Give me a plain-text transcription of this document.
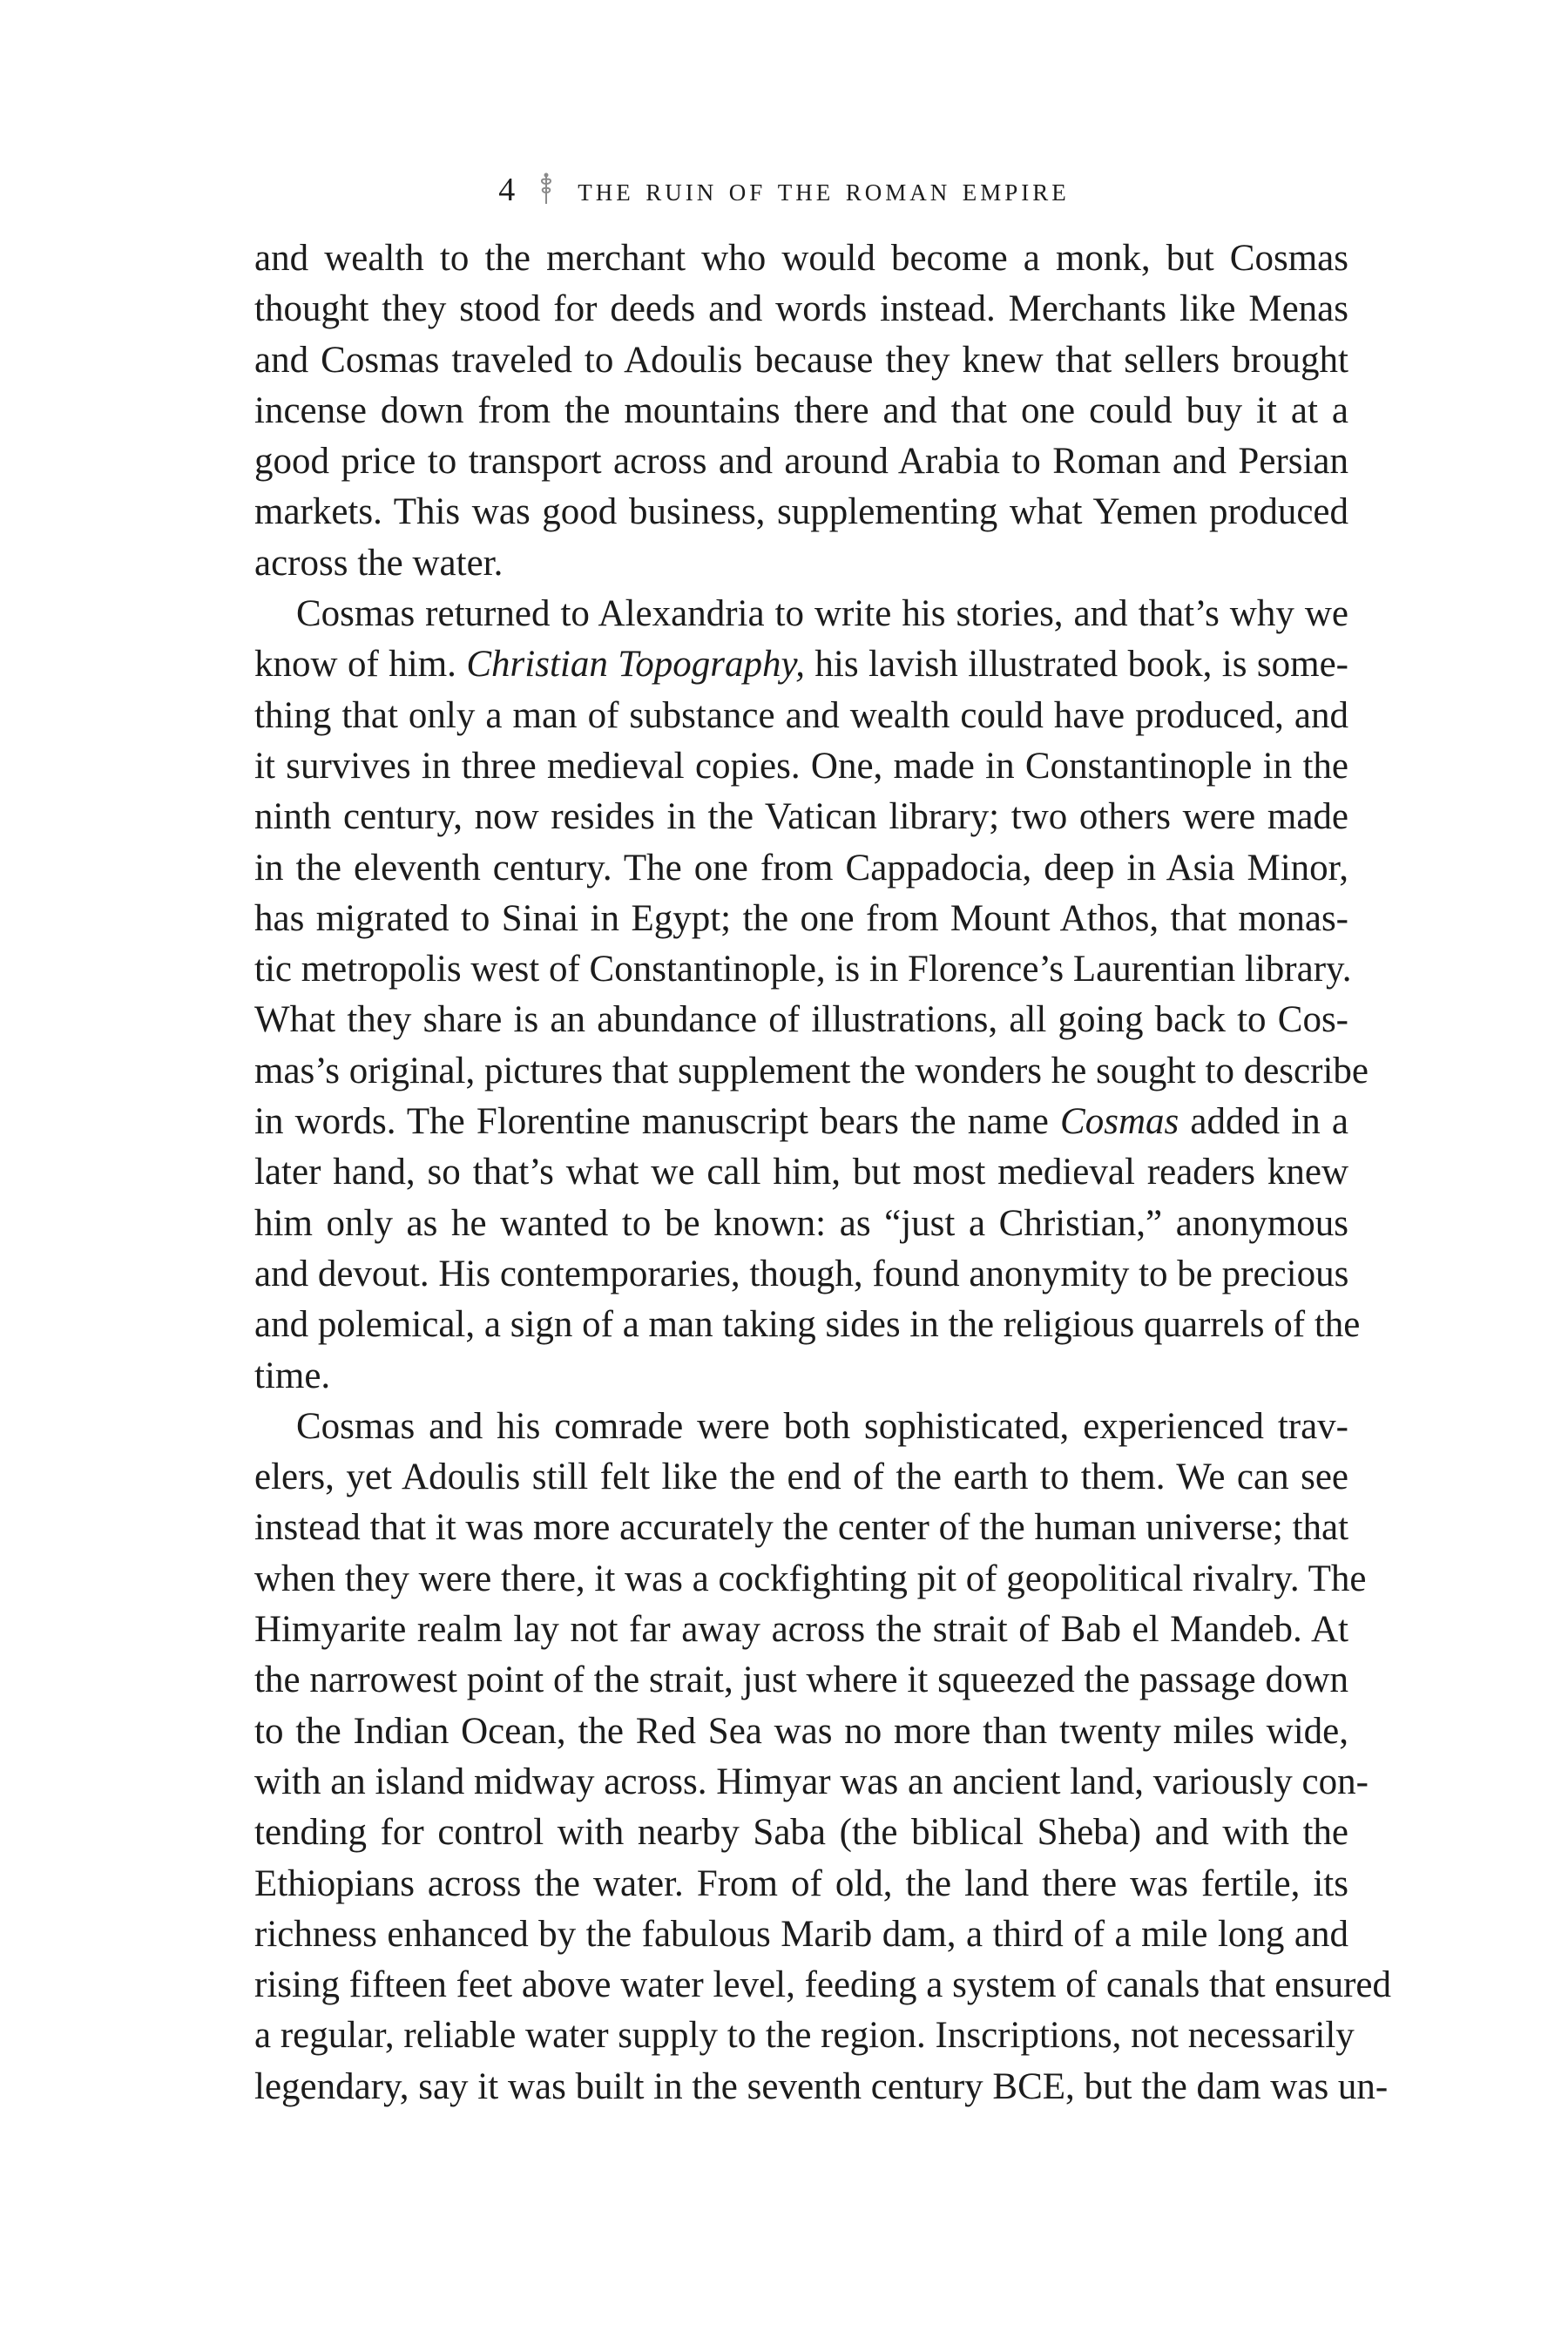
4 the ruin of the roman empire

and wealth to the merchant who would become a monk, but Cosmas
thought they stood for deeds and words instead. Merchants like Menas
and Cosmas traveled to Adoulis because they knew that sellers brought
incense down from the mountains there and that one could buy it at a
good price to transport across and around Arabia to Roman and Persian
markets. This was good business, supplementing what Yemen produced
across the water.

Cosmas returned to Alexandria to write his stories, and that’s why we
know of him. Christian Topography, his lavish illustrated book, is some-
thing that only a man of substance and wealth could have produced, and
it survives in three medieval copies. One, made in Constantinople in the
ninth century, now resides in the Vatican library; two others were made
in the eleventh century. The one from Cappadocia, deep in Asia Minor,
has migrated to Sinai in Egypt; the one from Mount Athos, that monas-
tic metropolis west of Constantinople, is in Florence’s Laurentian library.
What they share is an abundance of illustrations, all going back to Cos-
mas’s original, pictures that supplement the wonders he sought to describe
in words. The Florentine manuscript bears the name Cosmas added in a
later hand, so that’s what we call him, but most medieval readers knew
him only as he wanted to be known: as “just a Christian,” anonymous
and devout. His contemporaries, though, found anonymity to be precious
and polemical, a sign of a man taking sides in the religious quarrels of the
time.

Cosmas and his comrade were both sophisticated, experienced trav-
elers, yet Adoulis still felt like the end of the earth to them. We can see
instead that it was more accurately the center of the human universe; that
when they were there, it was a cockfighting pit of geopolitical rivalry. The
Himyarite realm lay not far away across the strait of Bab el Mandeb. At
the narrowest point of the strait, just where it squeezed the passage down
to the Indian Ocean, the Red Sea was no more than twenty miles wide,
with an island midway across. Himyar was an ancient land, variously con-
tending for control with nearby Saba (the biblical Sheba) and with the
Ethiopians across the water. From of old, the land there was fertile, its
richness enhanced by the fabulous Marib dam, a third of a mile long and
rising fifteen feet above water level, feeding a system of canals that ensured
a regular, reliable water supply to the region. Inscriptions, not necessarily
legendary, say it was built in the seventh century BCE, but the dam was un-
